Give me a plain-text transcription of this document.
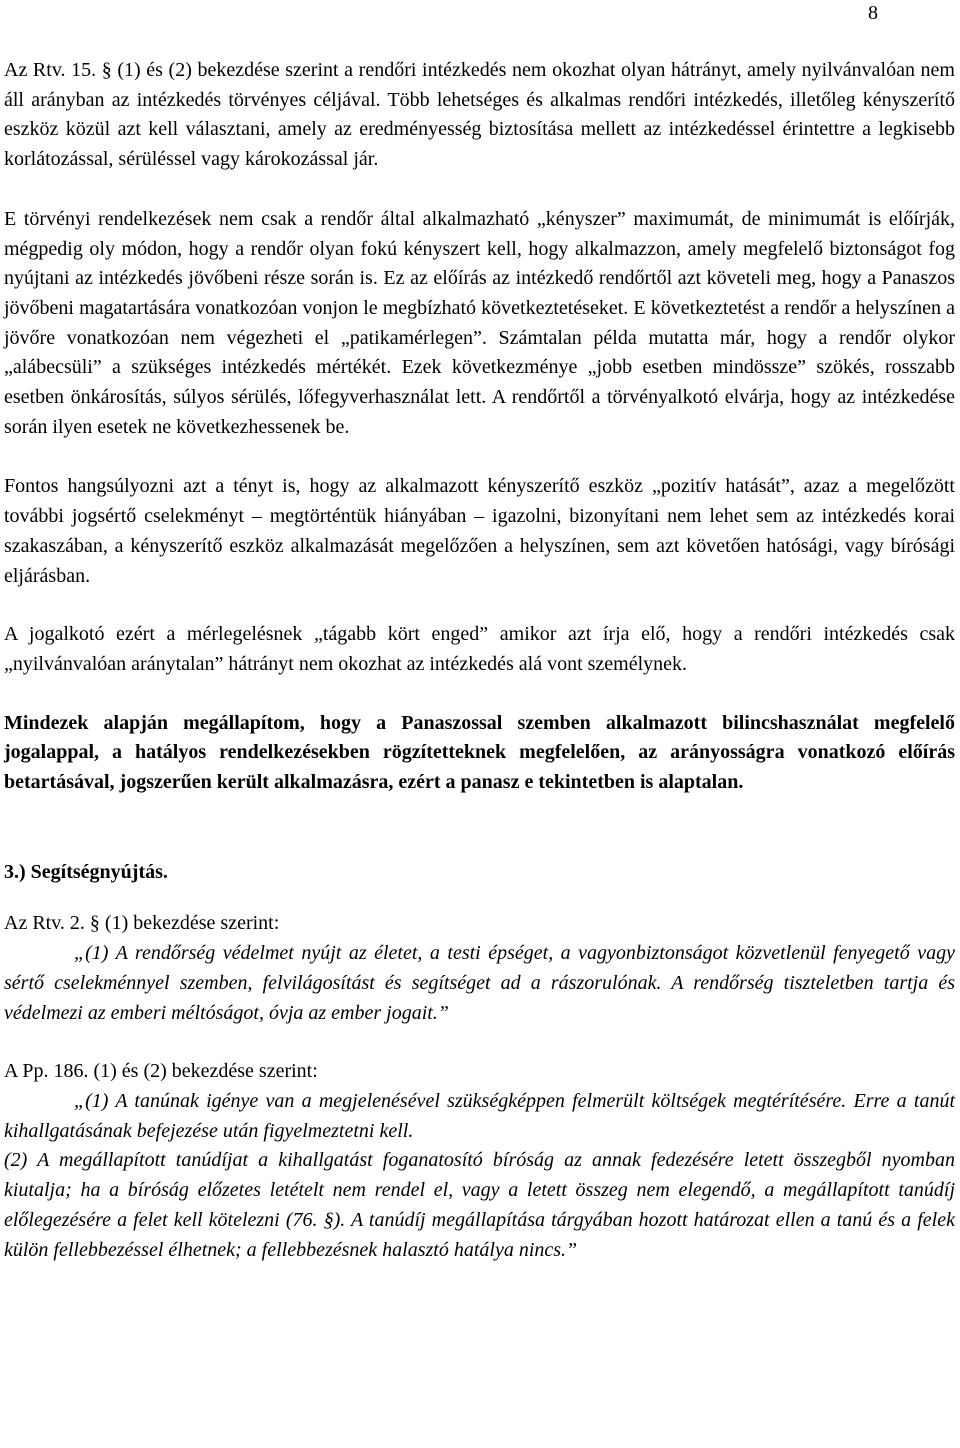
8

Az Rtv. 15. § (1) és (2) bekezdése szerint a rendőri intézkedés nem okozhat olyan hátrányt, amely nyilvánvalóan nem áll arányban az intézkedés törvényes céljával. Több lehetséges és alkalmas rendőri intézkedés, illetőleg kényszerítő eszköz közül azt kell választani, amely az eredményesség biztosítása mellett az intézkedéssel érintettre a legkisebb korlátozással, sérüléssel vagy károkozással jár.

E törvényi rendelkezések nem csak a rendőr által alkalmazható „kényszer” maximumát, de minimumát is előírják, mégpedig oly módon, hogy a rendőr olyan fokú kényszert kell, hogy alkalmazzon, amely megfelelő biztonságot fog nyújtani az intézkedés jövőbeni része során is. Ez az előírás az intézkedő rendőrtől azt követeli meg, hogy a Panaszos jövőbeni magatartására vonatkozóan vonjon le megbízható következtetéseket. E következtetést a rendőr a helyszínen a jövőre vonatkozóan nem végezheti el „patikamérlegen”. Számtalan példa mutatta már, hogy a rendőr olykor „alábecsüli” a szükséges intézkedés mértékét. Ezek következménye „jobb esetben mindössze” szökés, rosszabb esetben önkárosítás, súlyos sérülés, lőfegyverhasználat lett. A rendőrtől a törvényalkotó elvárja, hogy az intézkedése során ilyen esetek ne következhessenek be.

Fontos hangsúlyozni azt a tényt is, hogy az alkalmazott kényszerítő eszköz „pozitív hatását”, azaz a megelőzött további jogsértő cselekményt – megtörténtük hiányában – igazolni, bizonyítani nem lehet sem az intézkedés korai szakaszában, a kényszerítő eszköz alkalmazását megelőzően a helyszínen, sem azt követően hatósági, vagy bírósági eljárásban.

A jogalkotó ezért a mérlegelésnek „tágabb kört enged” amikor azt írja elő, hogy a rendőri intézkedés csak „nyilvánvalóan aránytalan” hátrányt nem okozhat az intézkedés alá vont személynek.

Mindezek alapján megállapítom, hogy a Panaszossal szemben alkalmazott bilincshasználat megfelelő jogalappal, a hatályos rendelkezésekben rögzítetteknek megfelelően, az arányosságra vonatkozó előírás betartásával, jogszerűen került alkalmazásra, ezért a panasz e tekintetben is alaptalan.

3.) Segítségnyújtás.

Az Rtv. 2. § (1) bekezdése szerint:

„(1) A rendőrség védelmet nyújt az életet, a testi épséget, a vagyonbiztonságot közvetlenül fenyegető vagy sértő cselekménnyel szemben, felvilágosítást és segítséget ad a rászorulónak. A rendőrség tiszteletben tartja és védelmezi az emberi méltóságot, óvja az ember jogait.”

A Pp. 186. (1) és (2) bekezdése szerint:

„(1) A tanúnak igénye van a megjelenésével szükségképpen felmerült költségek megtérítésére. Erre a tanút kihallgatásának befejezése után figyelmeztetni kell.

(2) A megállapított tanúdíjat a kihallgatást foganatosító bíróság az annak fedezésére letett összegből nyomban kiutalja; ha a bíróság előzetes letételt nem rendel el, vagy a letett összeg nem elegendő, a megállapított tanúdíj előlegezésére a felet kell kötelezni (76. §). A tanúdíj megállapítása tárgyában hozott határozat ellen a tanú és a felek külön fellebbezéssel élhetnek; a fellebbezésnek halasztó hatálya nincs.”
